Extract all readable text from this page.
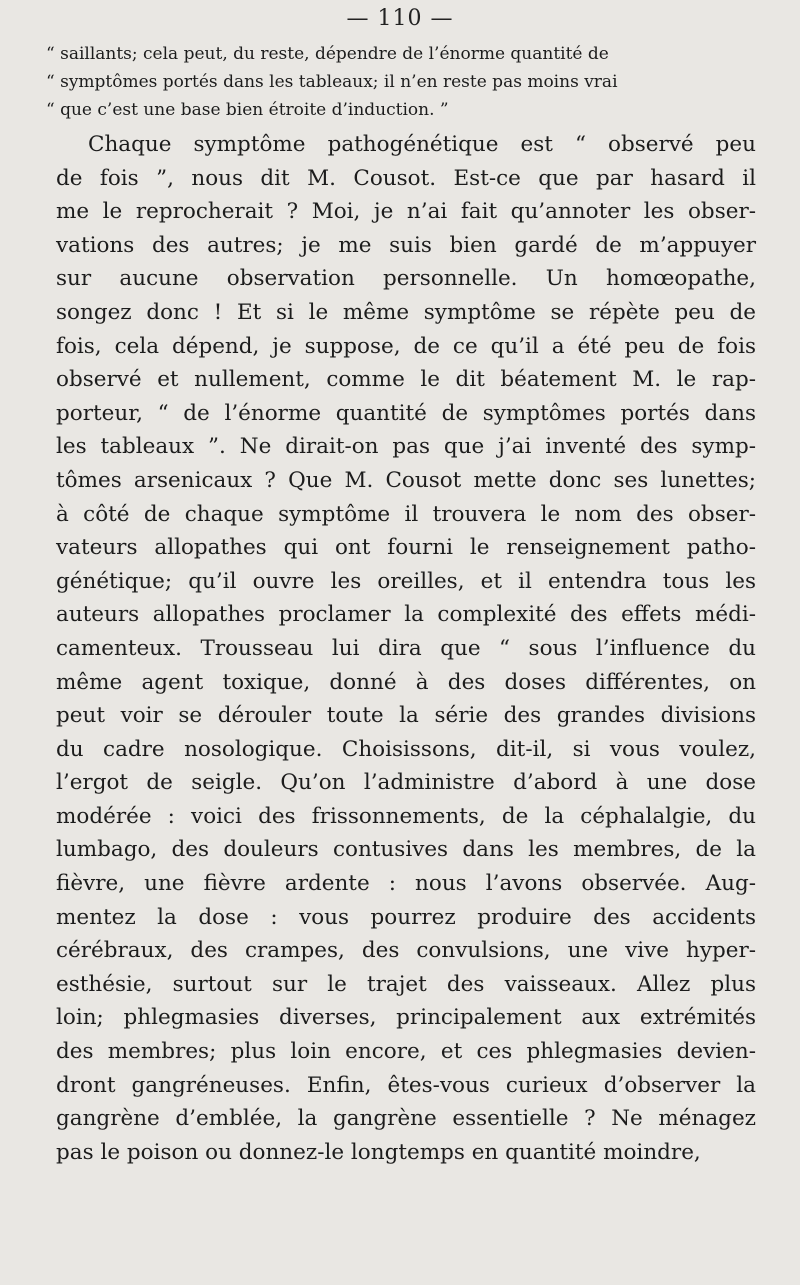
— 110 —
“ saillants; cela peut, du reste, dépendre de l’énorme quantité de
“ symptômes portés dans les tableaux; il n’en reste pas moins vrai
“ que c’est une base bien étroite d’induction. ”
Chaque symptôme pathogénétique est “ observé peu
de fois ”, nous dit M. Cousot. Est-ce que par hasard il
me le reprocherait ? Moi, je n’ai fait qu’annoter les obser-
vations des autres; je me suis bien gardé de m’appuyer
sur aucune observation personnelle. Un homœopathe,
songez donc ! Et si le même symptôme se répète peu de
fois, cela dépend, je suppose, de ce qu’il a été peu de fois
observé et nullement, comme le dit béatement M. le rap-
porteur, “ de l’énorme quantité de symptômes portés dans
les tableaux ”. Ne dirait-on pas que j’ai inventé des symp-
tômes arsenicaux ? Que M. Cousot mette donc ses lunettes;
à côté de chaque symptôme il trouvera le nom des obser-
vateurs allopathes qui ont fourni le renseignement patho-
génétique; qu’il ouvre les oreilles, et il entendra tous les
auteurs allopathes proclamer la complexité des effets médi-
camenteux. Trousseau lui dira que “ sous l’influence du
même agent toxique, donné à des doses différentes, on
peut voir se dérouler toute la série des grandes divisions
du cadre nosologique. Choisissons, dit-il, si vous voulez,
l’ergot de seigle. Qu’on l’administre d’abord à une dose
modérée : voici des frissonnements, de la céphalalgie, du
lumbago, des douleurs contusives dans les membres, de la
fièvre, une fièvre ardente : nous l’avons observée. Aug-
mentez la dose : vous pourrez produire des accidents
cérébraux, des crampes, des convulsions, une vive hyper-
esthésie, surtout sur le trajet des vaisseaux. Allez plus
loin; phlegmasies diverses, principalement aux extrémités
des membres; plus loin encore, et ces phlegmasies devien-
dront gangréneuses. Enfin, êtes-vous curieux d’observer la
gangrène d’emblée, la gangrène essentielle ? Ne ménagez
pas le poison ou donnez-le longtemps en quantité moindre,
